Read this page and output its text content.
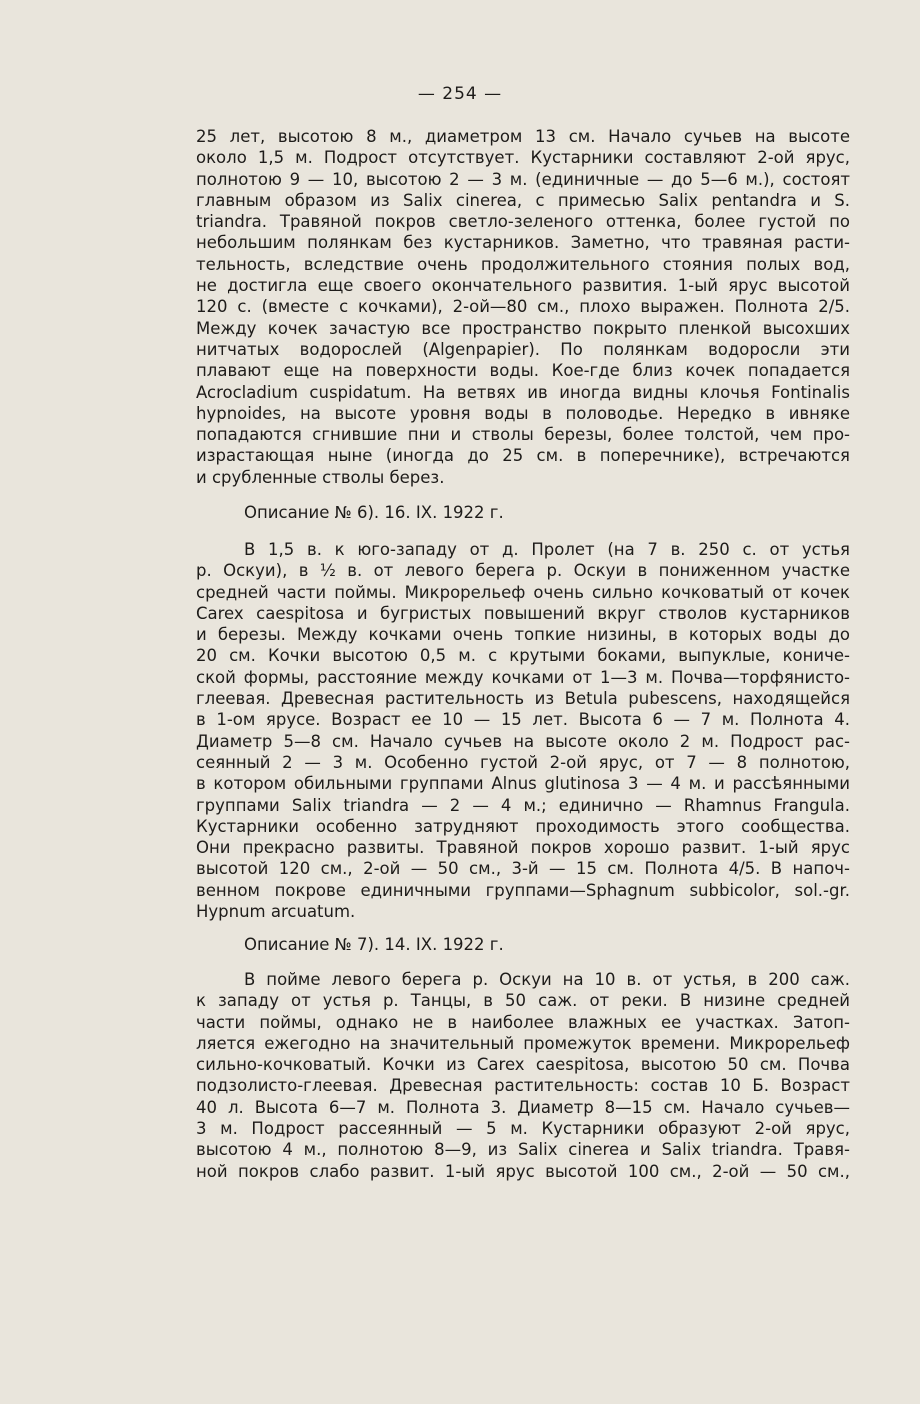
— 254 —
25 лет, высотою 8 м., диаметром 13 см. Начало сучьев на высоте
около 1,5 м. Подрост отсутствует. Кустарники составляют 2-ой ярус,
полнотою 9 — 10, высотою 2 — 3 м. (единичные — до 5—6 м.), состоят
главным образом из Salix cinerea, с примесью Salix pentandra и S.
triandra. Травяной покров светло-зеленого оттенка, более густой по
небольшим полянкам без кустарников. Заметно, что травяная расти-
тельность, вследствие очень продолжительного стояния полых вод,
не достигла еще своего окончательного развития. 1-ый ярус высотой
120 с. (вместе с кочками), 2-ой—80 см., плохо выражен. Полнота 2/5.
Между кочек зачастую все пространство покрыто пленкой высохших
нитчатых водорослей (Algenpapier). По полянкам водоросли эти
плавают еще на поверхности воды. Кое-где близ кочек попадается
Acrocladium cuspidatum. На ветвях ив иногда видны клочья Fontinalis
hypnoides, на высоте уровня воды в половодье. Нередко в ивняке
попадаются сгнившие пни и стволы березы, более толстой, чем про-
израстающая ныне (иногда до 25 см. в поперечнике), встречаются
и срубленные стволы берез.
Описание № 6). 16. IX. 1922 г.
В 1,5 в. к юго-западу от д. Пролет (на 7 в. 250 с. от устья
р. Оскуи), в ½ в. от левого берега р. Оскуи в пониженном участке
средней части поймы. Микрорельеф очень сильно кочковатый от кочек
Carex caespitosa и бугристых повышений вкруг стволов кустарников
и березы. Между кочками очень топкие низины, в которых воды до
20 см. Кочки высотою 0,5 м. с крутыми боками, выпуклые, кониче-
ской формы, расстояние между кочками от 1—3 м. Почва—торфянисто-
глеевая. Древесная растительность из Betula pubescens, находящейся
в 1-ом ярусе. Возраст ее 10 — 15 лет. Высота 6 — 7 м. Полнота 4.
Диаметр 5—8 см. Начало сучьев на высоте около 2 м. Подрост рас-
сеянный 2 — 3 м. Особенно густой 2-ой ярус, от 7 — 8 полнотою,
в котором обильными группами Alnus glutinosa 3 — 4 м. и рассѣянными
группами Salix triandra — 2 — 4 м.; единично — Rhamnus Frangula.
Кустарники особенно затрудняют проходимость этого сообщества.
Они прекрасно развиты. Травяной покров хорошо развит. 1-ый ярус
высотой 120 см., 2-ой — 50 см., 3-й — 15 см. Полнота 4/5. В напоч-
венном покрове единичными группами—Sphagnum subbicolor, sol.-gr.
Hypnum arcuatum.
Описание № 7). 14. IX. 1922 г.
В пойме левого берега р. Оскуи на 10 в. от устья, в 200 саж.
к западу от устья р. Танцы, в 50 саж. от реки. В низине средней
части поймы, однако не в наиболее влажных ее участках. Затоп-
ляется ежегодно на значительный промежуток времени. Микрорельеф
сильно-кочковатый. Кочки из Carex caespitosa, высотою 50 см. Почва
подзолисто-глеевая. Древесная растительность: состав 10 Б. Возраст
40 л. Высота 6—7 м. Полнота 3. Диаметр 8—15 см. Начало сучьев—
3 м. Подрост рассеянный — 5 м. Кустарники образуют 2-ой ярус,
высотою 4 м., полнотою 8—9, из Salix cinerea и Salix triandra. Травя-
ной покров слабо развит. 1-ый ярус высотой 100 см., 2-ой — 50 см.,
